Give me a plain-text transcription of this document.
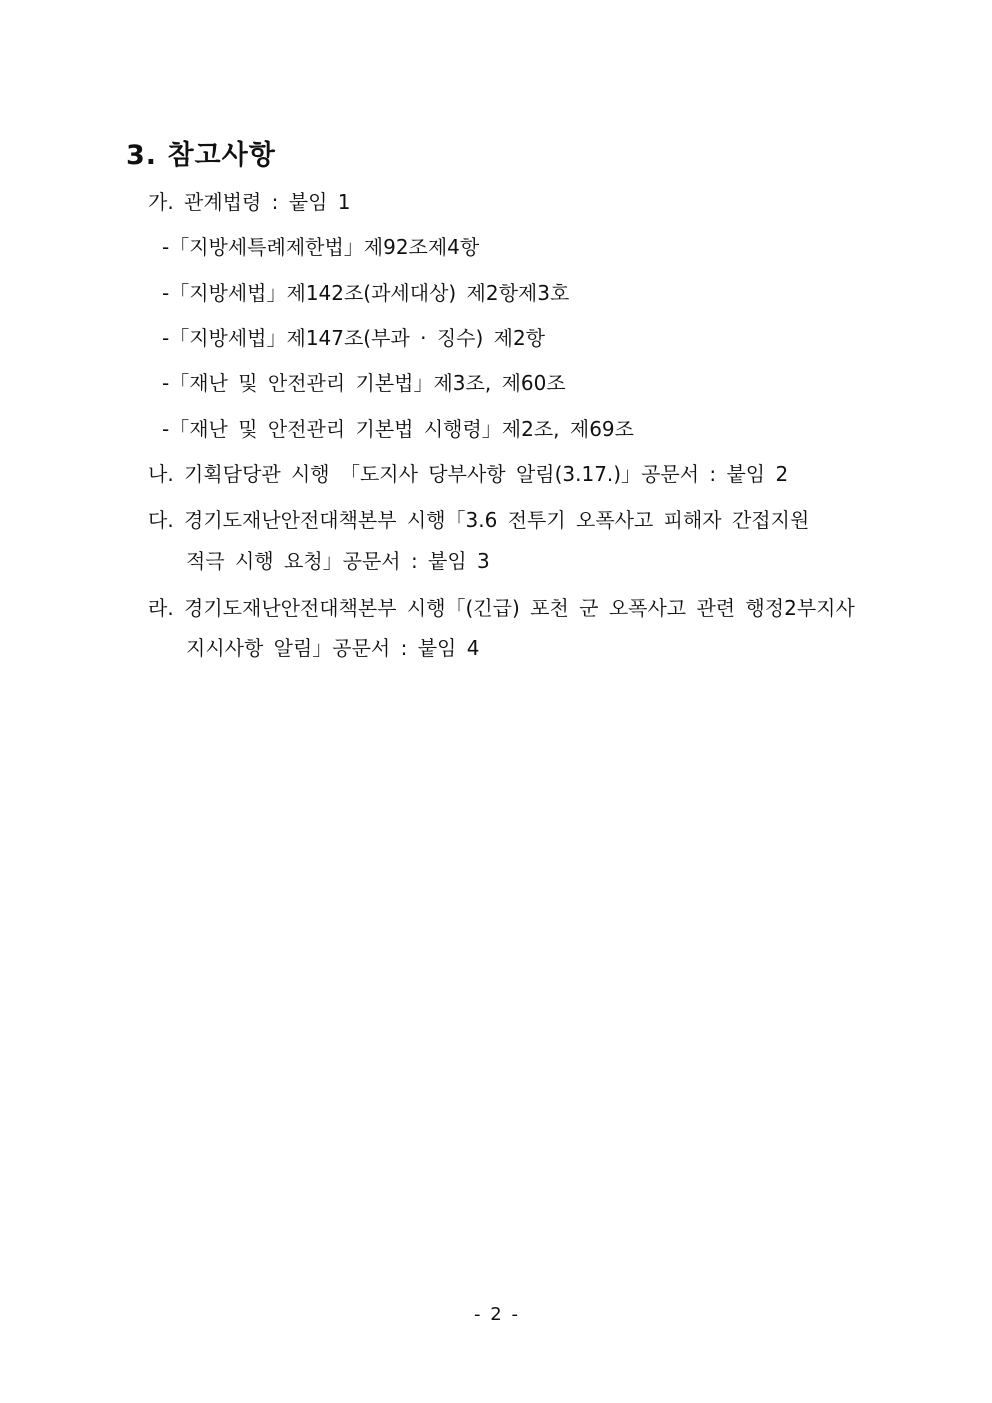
3. 참고사항
가. 관계법령 : 붙임 1
-「지방세특례제한법」제92조제4항
-「지방세법」제142조(과세대상) 제2항제3호
-「지방세법」제147조(부과 · 징수) 제2항
-「재난 및 안전관리 기본법」제3조, 제60조
-「재난 및 안전관리 기본법 시행령」제2조, 제69조
나. 기획담당관 시행 「도지사 당부사항 알림(3.17.)」공문서 : 붙임 2
다. 경기도재난안전대책본부 시행「3.6 전투기 오폭사고 피해자 간접지원
적극 시행 요청」공문서 : 붙임 3
라. 경기도재난안전대책본부 시행「(긴급) 포천 군 오폭사고 관련 행정2부지사
지시사항 알림」공문서 : 붙임 4
- 2 -
